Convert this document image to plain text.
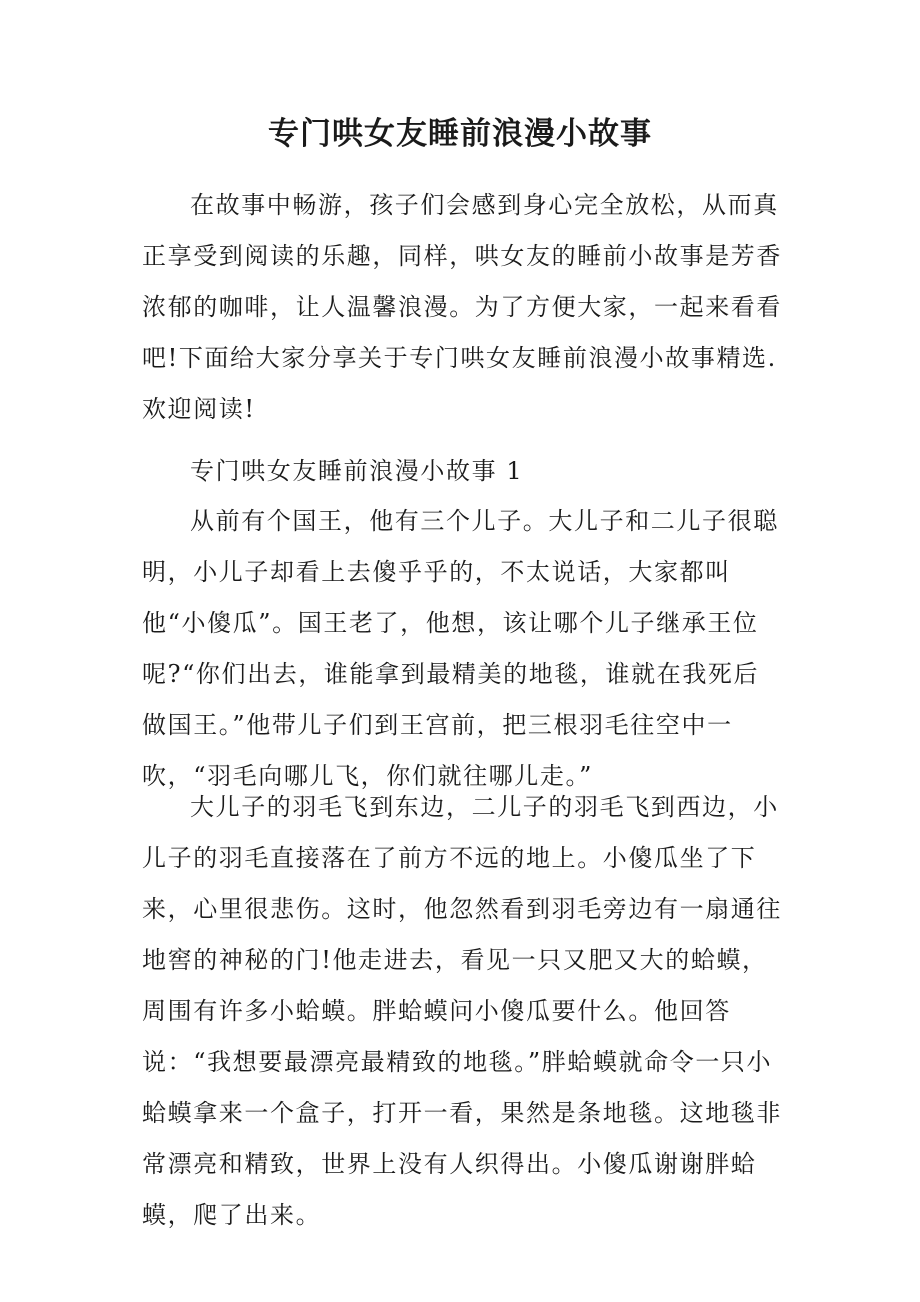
专门哄女友睡前浪漫小故事

在故事中畅游，孩子们会感到身心完全放松，从而真正享受到阅读的乐趣，同样，哄女友的睡前小故事是芳香浓郁的咖啡，让人温馨浪漫。为了方便大家，一起来看看吧!下面给大家分享关于专门哄女友睡前浪漫小故事精选.欢迎阅读!

专门哄女友睡前浪漫小故事 1

从前有个国王，他有三个儿子。大儿子和二儿子很聪明，小儿子却看上去傻乎乎的，不太说话，大家都叫他“小傻瓜”。国王老了，他想，该让哪个儿子继承王位呢?“你们出去，谁能拿到最精美的地毯，谁就在我死后做国王。”他带儿子们到王宫前，把三根羽毛往空中一吹，“羽毛向哪儿飞，你们就往哪儿走。”

大儿子的羽毛飞到东边，二儿子的羽毛飞到西边，小儿子的羽毛直接落在了前方不远的地上。小傻瓜坐了下来，心里很悲伤。这时，他忽然看到羽毛旁边有一扇通往地窖的神秘的门!他走进去，看见一只又肥又大的蛤蟆，周围有许多小蛤蟆。胖蛤蟆问小傻瓜要什么。他回答说：“我想要最漂亮最精致的地毯。”胖蛤蟆就命令一只小蛤蟆拿来一个盒子，打开一看，果然是条地毯。这地毯非常漂亮和精致，世界上没有人织得出。小傻瓜谢谢胖蛤蟆，爬了出来。
